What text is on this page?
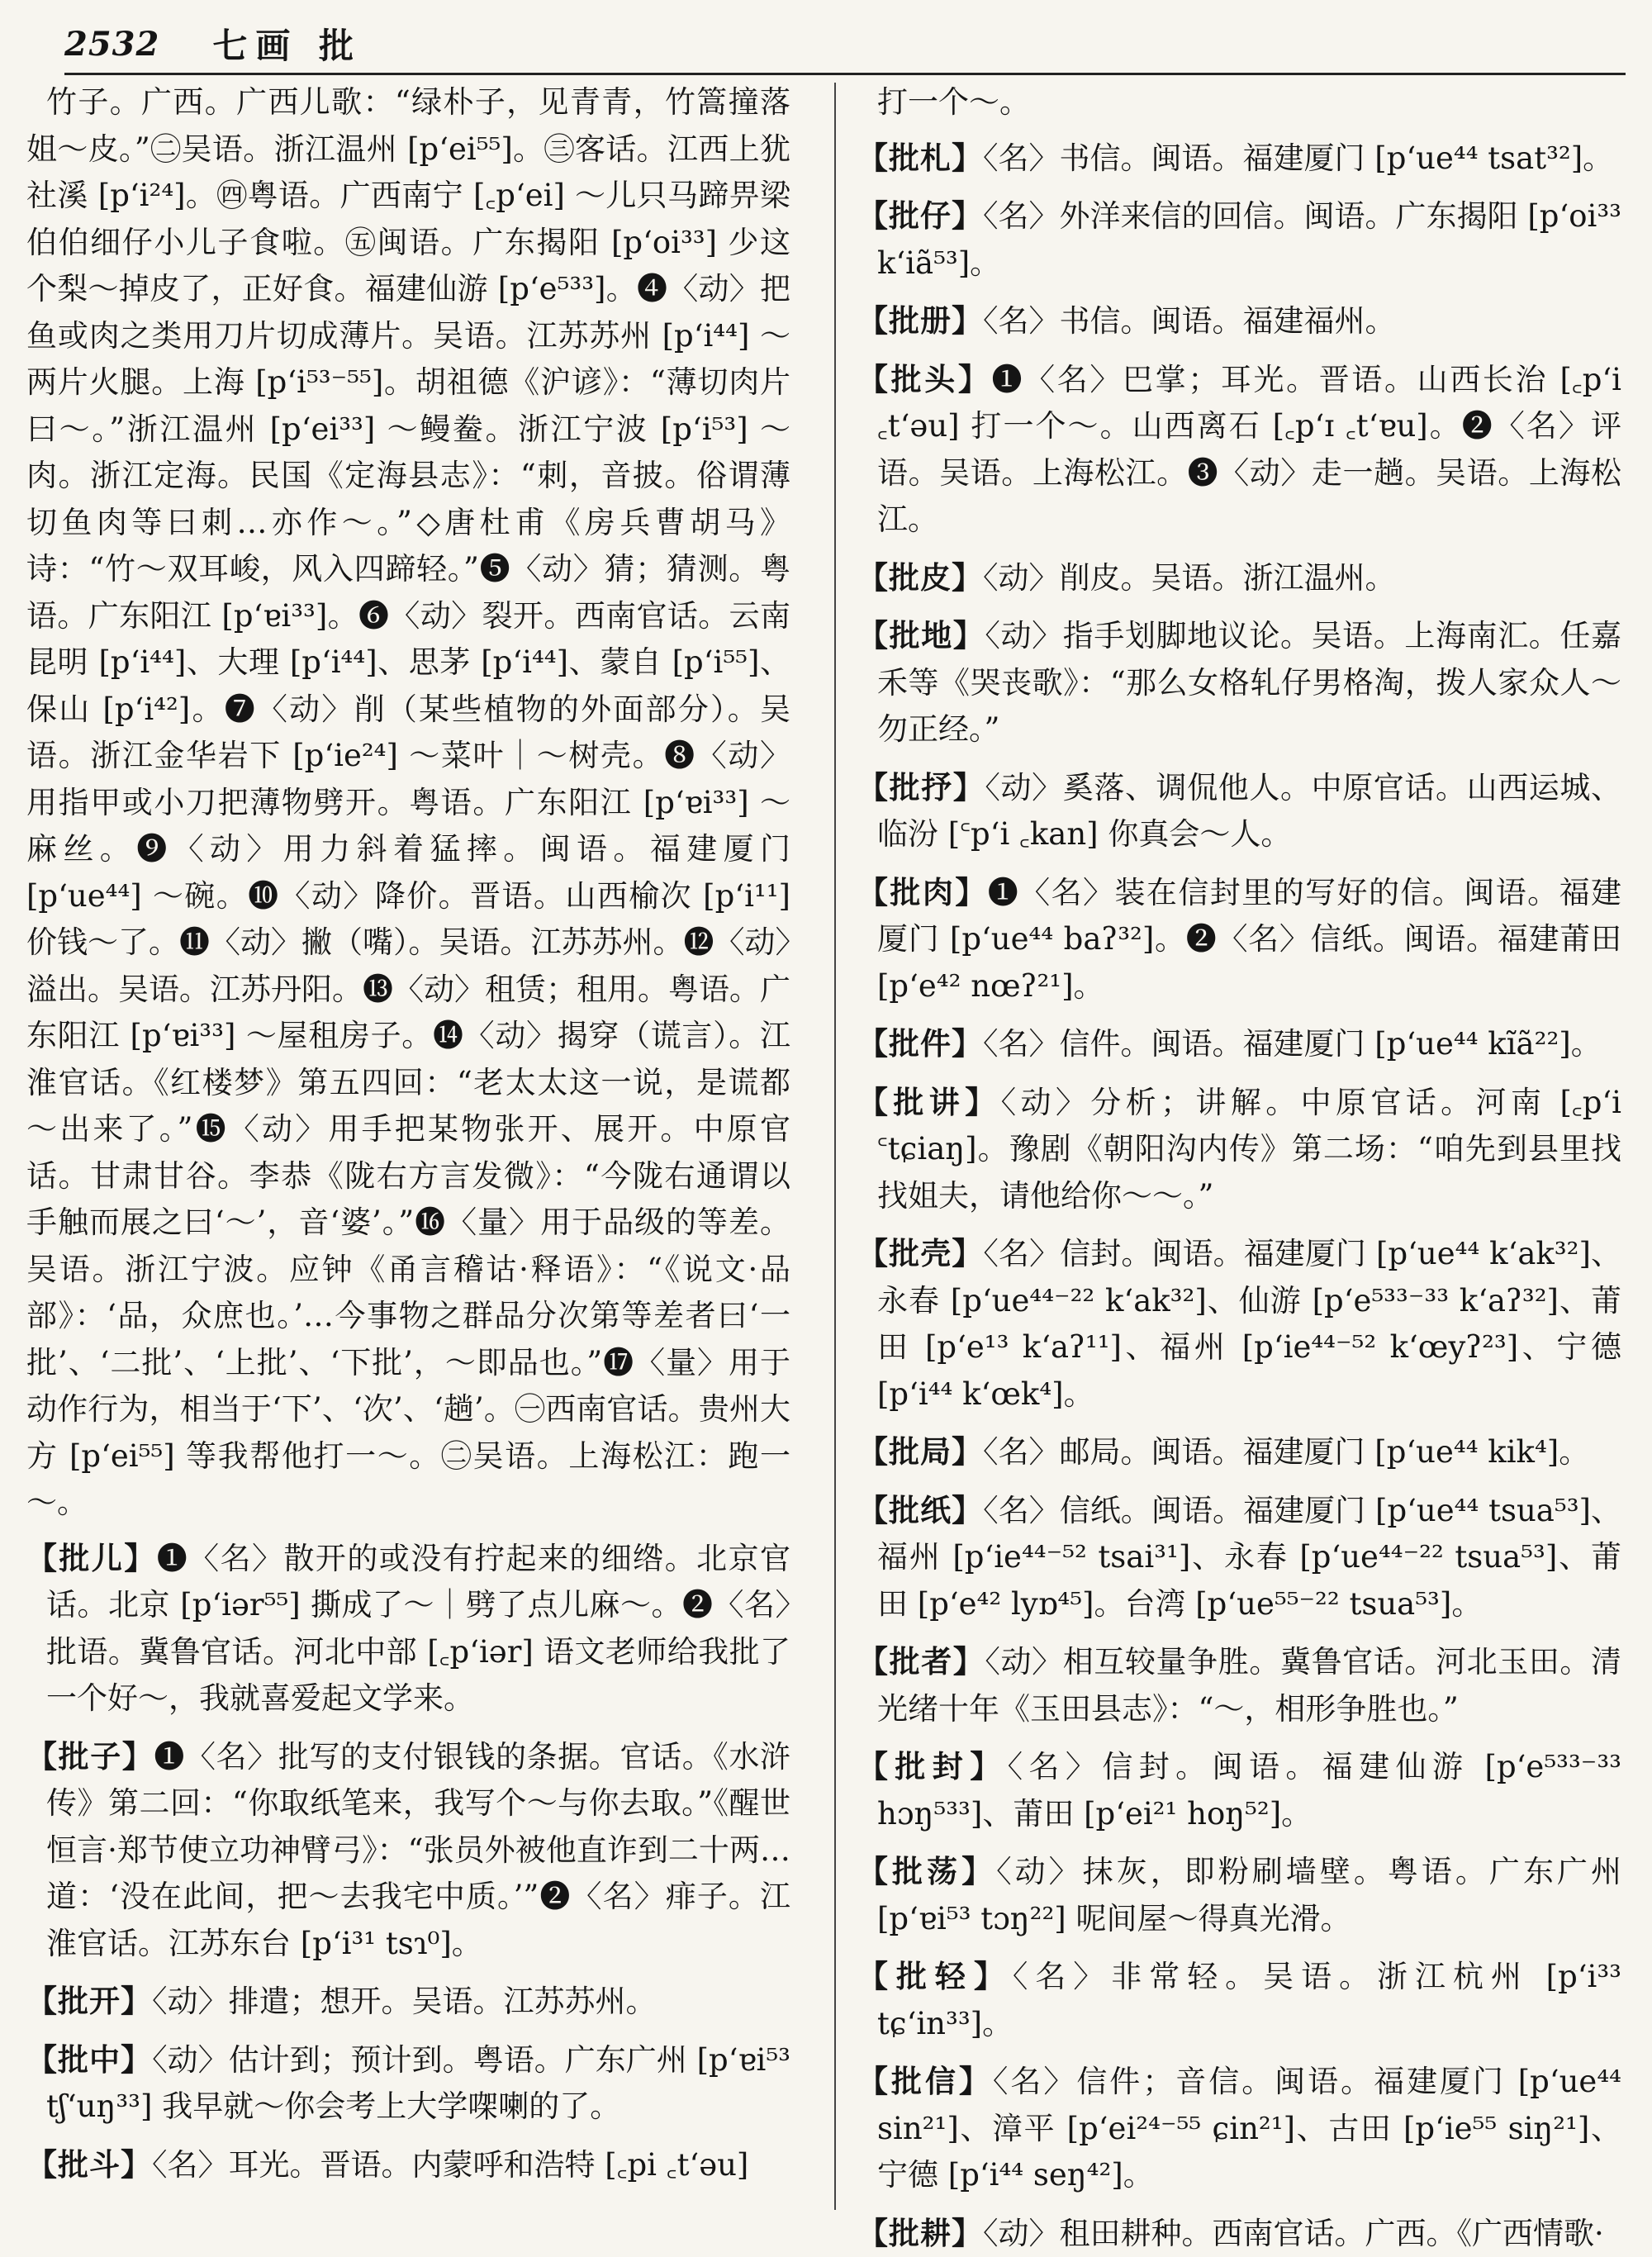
2532 七画 批

竹子。广西。广西儿歌：“绿朴子，见青青，竹篙撞落姐～皮。”㊁吴语。浙江温州 [pʻei⁵⁵]。㊂客话。江西上犹社溪 [pʻi²⁴]。㊃粤语。广西南宁 [꜀pʻei] ～儿只马蹄畀梁伯伯细仔小儿子食啦。㊄闽语。广东揭阳 [pʻoi³³] 少这个梨～掉皮了，正好食。福建仙游 [pʻe⁵³³]。❹〈动〉把鱼或肉之类用刀片切成薄片。吴语。江苏苏州 [pʻi⁴⁴] ～两片火腿。上海 [pʻi⁵³⁻⁵⁵]。胡祖德《沪谚》：“薄切肉片曰～。”浙江温州 [pʻei³³] ～鳗鲞。浙江宁波 [pʻi⁵³] ～肉。浙江定海。民国《定海县志》：“刺，音披。俗谓薄切鱼肉等曰刺…亦作～。”◇唐杜甫《房兵曹胡马》诗：“竹～双耳峻，风入四蹄轻。”❺〈动〉猜；猜测。粤语。广东阳江 [pʻɐi³³]。❻〈动〉裂开。西南官话。云南昆明 [pʻi⁴⁴]、大理 [pʻi⁴⁴]、思茅 [pʻi⁴⁴]、蒙自 [pʻi⁵⁵]、保山 [pʻi⁴²]。❼〈动〉削（某些植物的外面部分）。吴语。浙江金华岩下 [pʻie²⁴] ～菜叶｜～树壳。❽〈动〉用指甲或小刀把薄物劈开。粤语。广东阳江 [pʻɐi³³] ～麻丝。❾〈动〉用力斜着猛摔。闽语。福建厦门 [pʻue⁴⁴] ～碗。❿〈动〉降价。晋语。山西榆次 [pʻi¹¹] 价钱～了。⓫〈动〉撇（嘴）。吴语。江苏苏州。⓬〈动〉溢出。吴语。江苏丹阳。⓭〈动〉租赁；租用。粤语。广东阳江 [pʻɐi³³] ～屋租房子。⓮〈动〉揭穿（谎言）。江淮官话。《红楼梦》第五四回：“老太太这一说，是谎都～出来了。”⓯〈动〉用手把某物张开、展开。中原官话。甘肃甘谷。李恭《陇右方言发微》：“今陇右通谓以手触而展之曰‘～’，音‘婆’。”⓰〈量〉用于品级的等差。吴语。浙江宁波。应钟《甬言稽诂·释语》：“《说文·品部》：‘品，众庶也。’…今事物之群品分次第等差者曰‘一批’、‘二批’、‘上批’、‘下批’，～即品也。”⓱〈量〉用于动作行为，相当于‘下’、‘次’、‘趟’。㊀西南官话。贵州大方 [pʻei⁵⁵] 等我帮他打一～。㊁吴语。上海松江：跑一～。

【批儿】❶〈名〉散开的或没有拧起来的细绺。北京官话。北京 [pʻiər⁵⁵] 撕成了～｜劈了点儿麻～。❷〈名〉批语。冀鲁官话。河北中部 [꜀pʻiər] 语文老师给我批了一个好～，我就喜爱起文学来。

【批子】❶〈名〉批写的支付银钱的条据。官话。《水浒传》第二回：“你取纸笔来，我写个～与你去取。”《醒世恒言·郑节使立功神臂弓》：“张员外被他直诈到二十两…道：‘没在此间，把～去我宅中质。’”❷〈名〉痱子。江淮官话。江苏东台 [pʻi³¹ tsɿ⁰]。

【批开】〈动〉排遣；想开。吴语。江苏苏州。

【批中】〈动〉估计到；预计到。粤语。广东广州 [pʻɐi⁵³ tʃʻuŋ³³] 我早就～你会考上大学㗎喇的了。

【批斗】〈名〉耳光。晋语。内蒙呼和浩特 [꜀pi ꜀tʻəu]

打一个～。

【批札】〈名〉书信。闽语。福建厦门 [pʻue⁴⁴ tsat³²]。

【批仔】〈名〉外洋来信的回信。闽语。广东揭阳 [pʻoi³³ kʻiã⁵³]。

【批册】〈名〉书信。闽语。福建福州。

【批头】❶〈名〉巴掌；耳光。晋语。山西长治 [꜀pʻi ꜀tʻəu] 打一个～。山西离石 [꜀pʻɪ ꜀tʻɐu]。❷〈名〉评语。吴语。上海松江。❸〈动〉走一趟。吴语。上海松江。

【批皮】〈动〉削皮。吴语。浙江温州。

【批地】〈动〉指手划脚地议论。吴语。上海南汇。任嘉禾等《哭丧歌》：“那么女格轧仔男格淘，拨人家众人～勿正经。”

【批抒】〈动〉奚落、调侃他人。中原官话。山西运城、临汾 [꜂pʻi ꜀kan] 你真会～人。

【批肉】❶〈名〉装在信封里的写好的信。闽语。福建厦门 [pʻue⁴⁴ baʔ³²]。❷〈名〉信纸。闽语。福建莆田 [pʻe⁴² nœʔ²¹]。

【批件】〈名〉信件。闽语。福建厦门 [pʻue⁴⁴ kĩã²²]。

【批讲】〈动〉分析；讲解。中原官话。河南 [꜀pʻi ꜂tɕiaŋ]。豫剧《朝阳沟内传》第二场：“咱先到县里找找姐夫，请他给你～～。”

【批壳】〈名〉信封。闽语。福建厦门 [pʻue⁴⁴ kʻak³²]、永春 [pʻue⁴⁴⁻²² kʻak³²]、仙游 [pʻe⁵³³⁻³³ kʻaʔ³²]、莆田 [pʻe¹³ kʻaʔ¹¹]、福州 [pʻie⁴⁴⁻⁵² kʻœyʔ²³]、宁德 [pʻi⁴⁴ kʻœk⁴]。

【批局】〈名〉邮局。闽语。福建厦门 [pʻue⁴⁴ kik⁴]。

【批纸】〈名〉信纸。闽语。福建厦门 [pʻue⁴⁴ tsua⁵³]、福州 [pʻie⁴⁴⁻⁵² tsai³¹]、永春 [pʻue⁴⁴⁻²² tsua⁵³]、莆田 [pʻe⁴² lyɒ⁴⁵]。台湾 [pʻue⁵⁵⁻²² tsua⁵³]。

【批者】〈动〉相互较量争胜。冀鲁官话。河北玉田。清光绪十年《玉田县志》：“～，相形争胜也。”

【批封】〈名〉信封。闽语。福建仙游 [pʻe⁵³³⁻³³ hɔŋ⁵³³]、莆田 [pʻei²¹ hoŋ⁵²]。

【批荡】〈动〉抹灰，即粉刷墙壁。粤语。广东广州 [pʻɐi⁵³ tɔŋ²²] 呢间屋～得真光滑。

【批轻】〈名〉非常轻。吴语。浙江杭州 [pʻi³³ tɕʻin³³]。

【批信】〈名〉信件；音信。闽语。福建厦门 [pʻue⁴⁴ sin²¹]、漳平 [pʻei²⁴⁻⁵⁵ ɕin²¹]、古田 [pʻie⁵⁵ siŋ²¹]、宁德 [pʻi⁴⁴ seŋ⁴²]。

【批耕】〈动〉租田耕种。西南官话。广西。《广西情歌·
